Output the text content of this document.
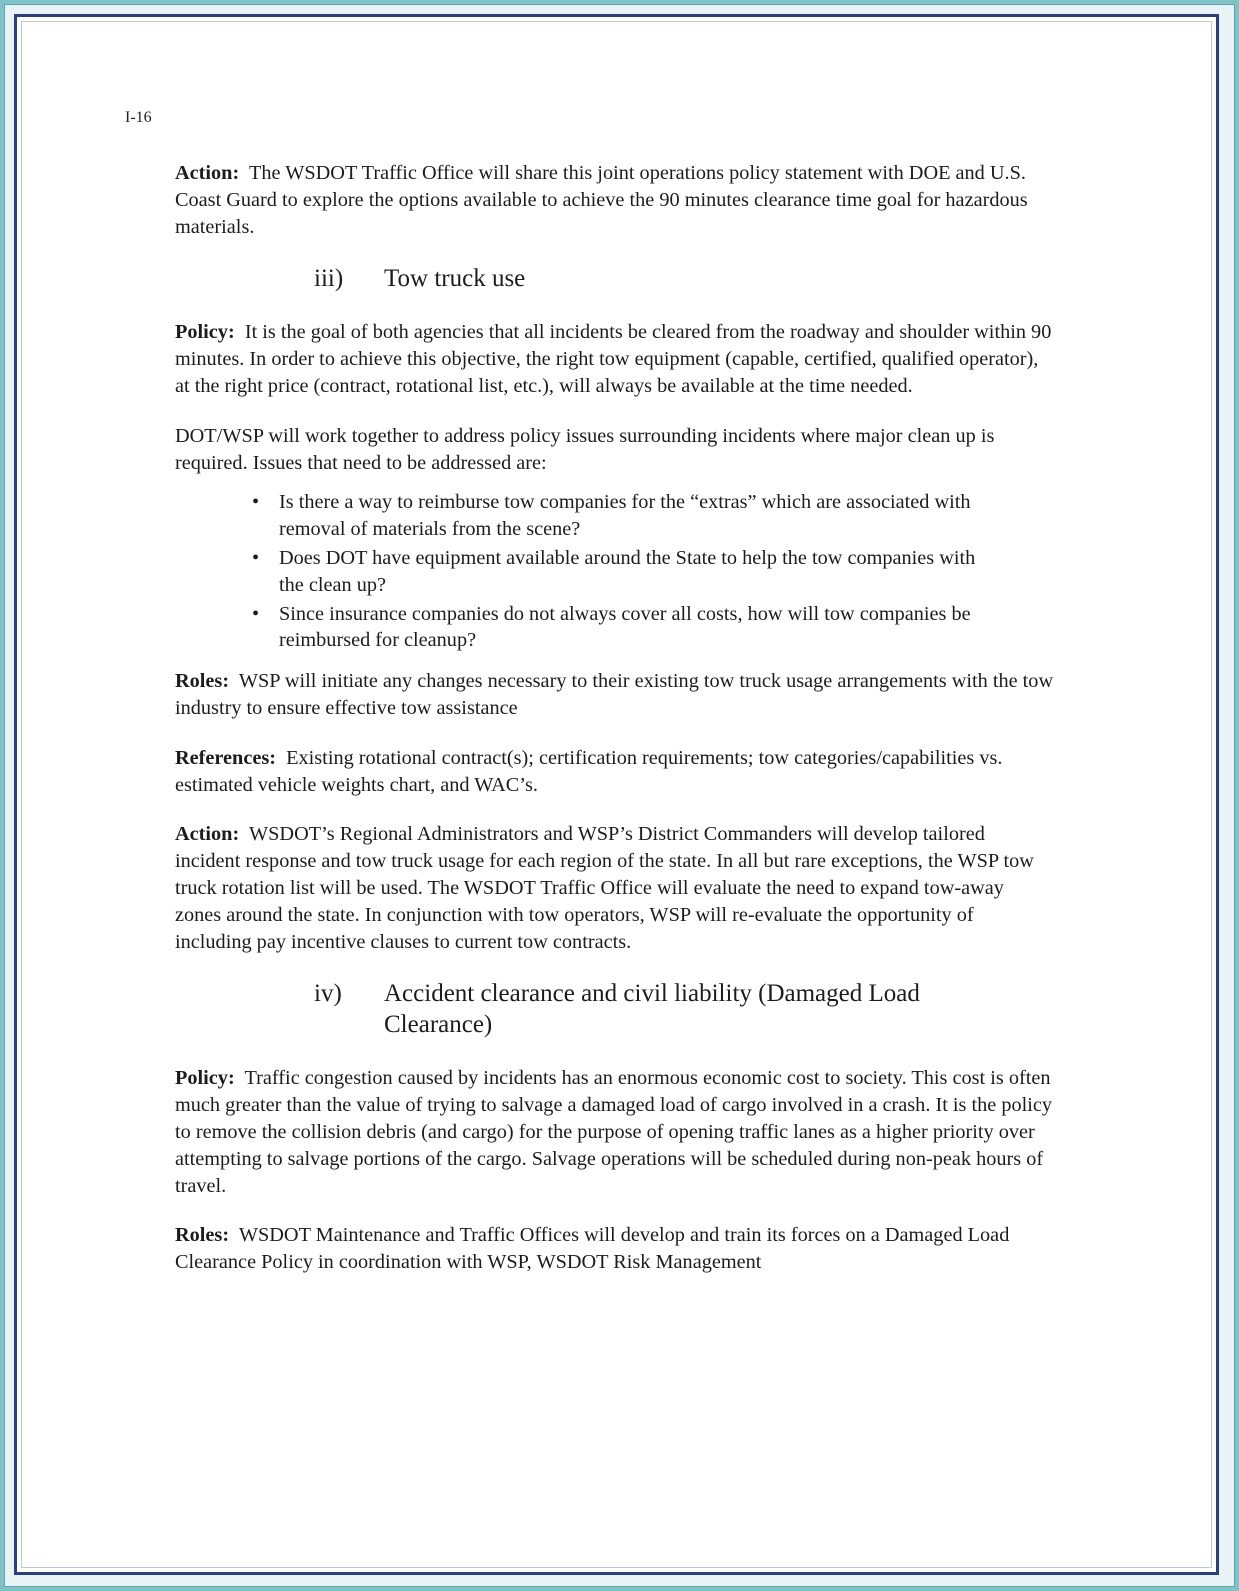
I-16

Action: The WSDOT Traffic Office will share this joint operations policy statement with DOE and U.S. Coast Guard to explore the options available to achieve the 90 minutes clearance time goal for hazardous materials.

iii)	Tow truck use

Policy: It is the goal of both agencies that all incidents be cleared from the roadway and shoulder within 90 minutes. In order to achieve this objective, the right tow equipment (capable, certified, qualified operator), at the right price (contract, rotational list, etc.), will always be available at the time needed.

DOT/WSP will work together to address policy issues surrounding incidents where major clean up is required. Issues that need to be addressed are:

• Is there a way to reimburse tow companies for the “extras” which are associated with removal of materials from the scene?
• Does DOT have equipment available around the State to help the tow companies with the clean up?
• Since insurance companies do not always cover all costs, how will tow companies be reimbursed for cleanup?

Roles: WSP will initiate any changes necessary to their existing tow truck usage arrangements with the tow industry to ensure effective tow assistance

References: Existing rotational contract(s); certification requirements; tow categories/capabilities vs. estimated vehicle weights chart, and WAC’s.

Action: WSDOT’s Regional Administrators and WSP’s District Commanders will develop tailored incident response and tow truck usage for each region of the state. In all but rare exceptions, the WSP tow truck rotation list will be used. The WSDOT Traffic Office will evaluate the need to expand tow-away zones around the state. In conjunction with tow operators, WSP will re-evaluate the opportunity of including pay incentive clauses to current tow contracts.

iv)	Accident clearance and civil liability (Damaged Load Clearance)

Policy: Traffic congestion caused by incidents has an enormous economic cost to society. This cost is often much greater than the value of trying to salvage a damaged load of cargo involved in a crash. It is the policy to remove the collision debris (and cargo) for the purpose of opening traffic lanes as a higher priority over attempting to salvage portions of the cargo. Salvage operations will be scheduled during non-peak hours of travel.

Roles: WSDOT Maintenance and Traffic Offices will develop and train its forces on a Damaged Load Clearance Policy in coordination with WSP, WSDOT Risk Management
